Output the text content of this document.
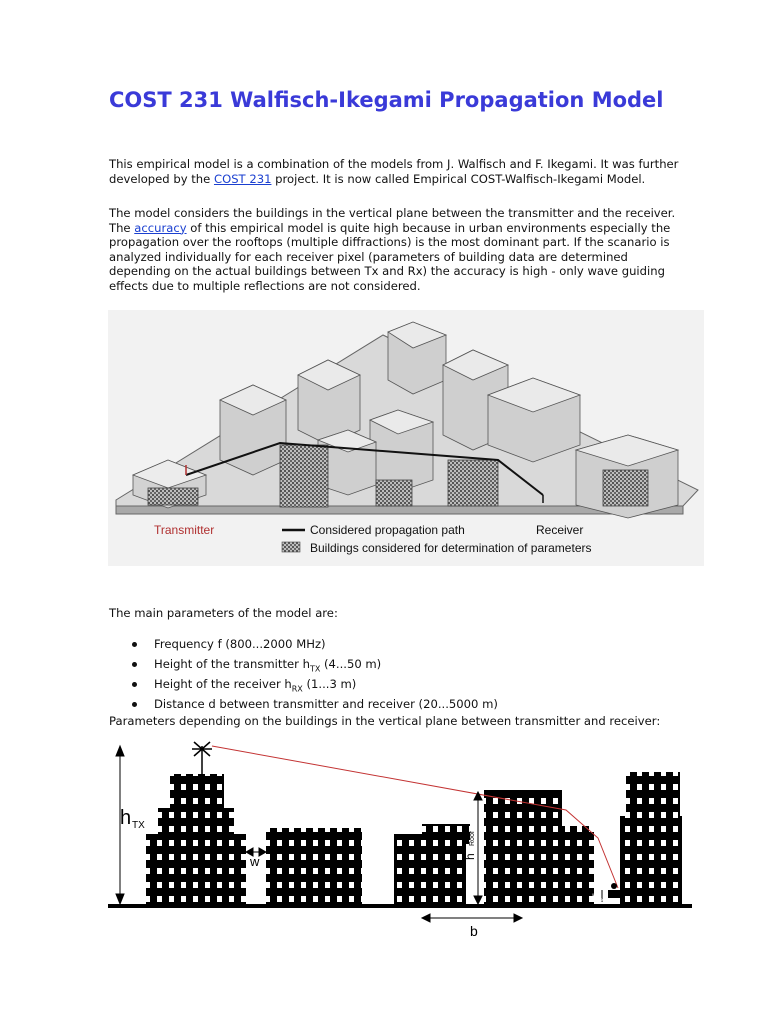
COST 231 Walfisch-Ikegami Propagation Model

This empirical model is a combination of the models from J. Walfisch and F. Ikegami. It was further developed by the COST 231 project. It is now called Empirical COST-Walfisch-Ikegami Model.

The model considers the buildings in the vertical plane between the transmitter and the receiver. The accuracy of this empirical model is quite high because in urban environments especially the propagation over the rooftops (multiple diffractions) is the most dominant part. If the scanario is analyzed individually for each receiver pixel (parameters of building data are determined depending on the actual buildings between Tx and Rx) the accuracy is high - only wave guiding effects due to multiple reflections are not considered.

Transmitter	Considered propagation path	Receiver
Buildings considered for determination of parameters

The main parameters of the model are:

Frequency f (800...2000 MHz)
Height of the transmitter $h_{TX}$ (4...50 m)
Height of the receiver $h_{RX}$ (1...3 m)
Distance d between transmitter and receiver (20...5000 m)

Parameters depending on the buildings in the vertical plane between transmitter and receiver:

h TX
w	h
Roof
b
h RX
